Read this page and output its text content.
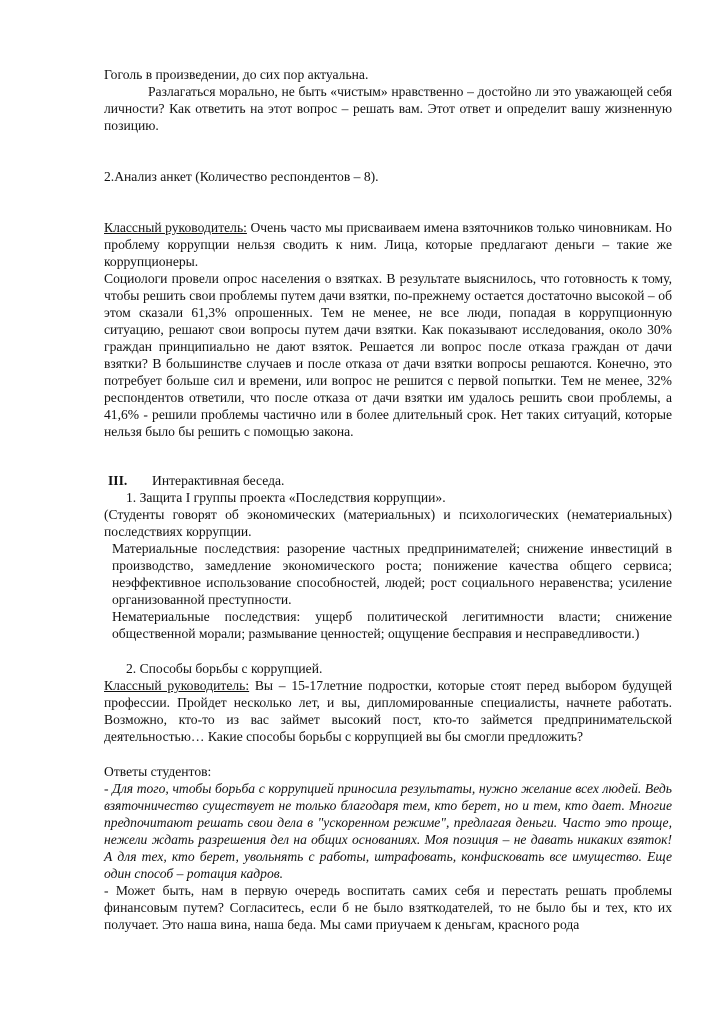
Гоголь в произведении, до сих пор актуальна.

Разлагаться морально, не быть «чистым» нравственно – достойно ли это уважающей себя личности? Как ответить на этот вопрос – решать вам. Этот ответ и определит вашу жизненную позицию.

2.Анализ анкет (Количество респондентов – 8).

Классный руководитель: Очень часто мы присваиваем имена взяточников только чиновникам. Но проблему коррупции нельзя сводить к ним. Лица, которые предлагают деньги – такие же коррупционеры.

Социологи провели опрос населения о взятках. В результате выяснилось, что готовность к тому, чтобы решить свои проблемы путем дачи взятки, по-прежнему остается достаточно высокой – об этом сказали 61,3% опрошенных. Тем не менее, не все люди, попадая в коррупционную ситуацию, решают свои вопросы путем дачи взятки. Как показывают исследования, около 30% граждан принципиально не дают взяток. Решается ли вопрос после отказа граждан от дачи взятки? В большинстве случаев и после отказа от дачи взятки вопросы решаются. Конечно, это потребует больше сил и времени, или вопрос не решится с первой попытки. Тем не менее, 32% респондентов ответили, что после отказа от дачи взятки им удалось решить свои проблемы, а 41,6% - решили проблемы частично или в более длительный срок. Нет таких ситуаций, которые нельзя было бы решить с помощью закона.

III. Интерактивная беседа.

1. Защита I группы проекта «Последствия коррупции».

(Студенты говорят об экономических (материальных) и психологических (нематериальных) последствиях коррупции.

Материальные последствия: разорение частных предпринимателей; снижение инвестиций в производство, замедление экономического роста; понижение качества общего сервиса; неэффективное использование способностей, людей; рост социального неравенства; усиление организованной преступности.

Нематериальные последствия: ущерб политической легитимности власти; снижение общественной морали; размывание ценностей; ощущение бесправия и несправедливости.)

2. Способы борьбы с коррупцией.

Классный руководитель: Вы – 15-17летние подростки, которые стоят перед выбором будущей профессии. Пройдет несколько лет, и вы, дипломированные специалисты, начнете работать. Возможно, кто-то из вас займет высокий пост, кто-то займется предпринимательской деятельностью… Какие способы борьбы с коррупцией вы бы смогли предложить?

Ответы студентов:

- Для того, чтобы борьба с коррупцией приносила результаты, нужно желание всех людей. Ведь взяточничество существует не только благодаря тем, кто берет, но и тем, кто дает. Многие предпочитают решать свои дела в "ускоренном режиме", предлагая деньги. Часто это проще, нежели ждать разрешения дел на общих основаниях. Моя позиция – не давать никаких взяток! А для тех, кто берет, увольнять с работы, штрафовать, конфисковать все имущество. Еще один способ – ротация кадров.

- Может быть, нам в первую очередь воспитать самих себя и перестать решать проблемы финансовым путем? Согласитесь, если б не было взяткодателей, то не было бы и тех, кто их получает. Это наша вина, наша беда. Мы сами приучаем к деньгам, красного рода
